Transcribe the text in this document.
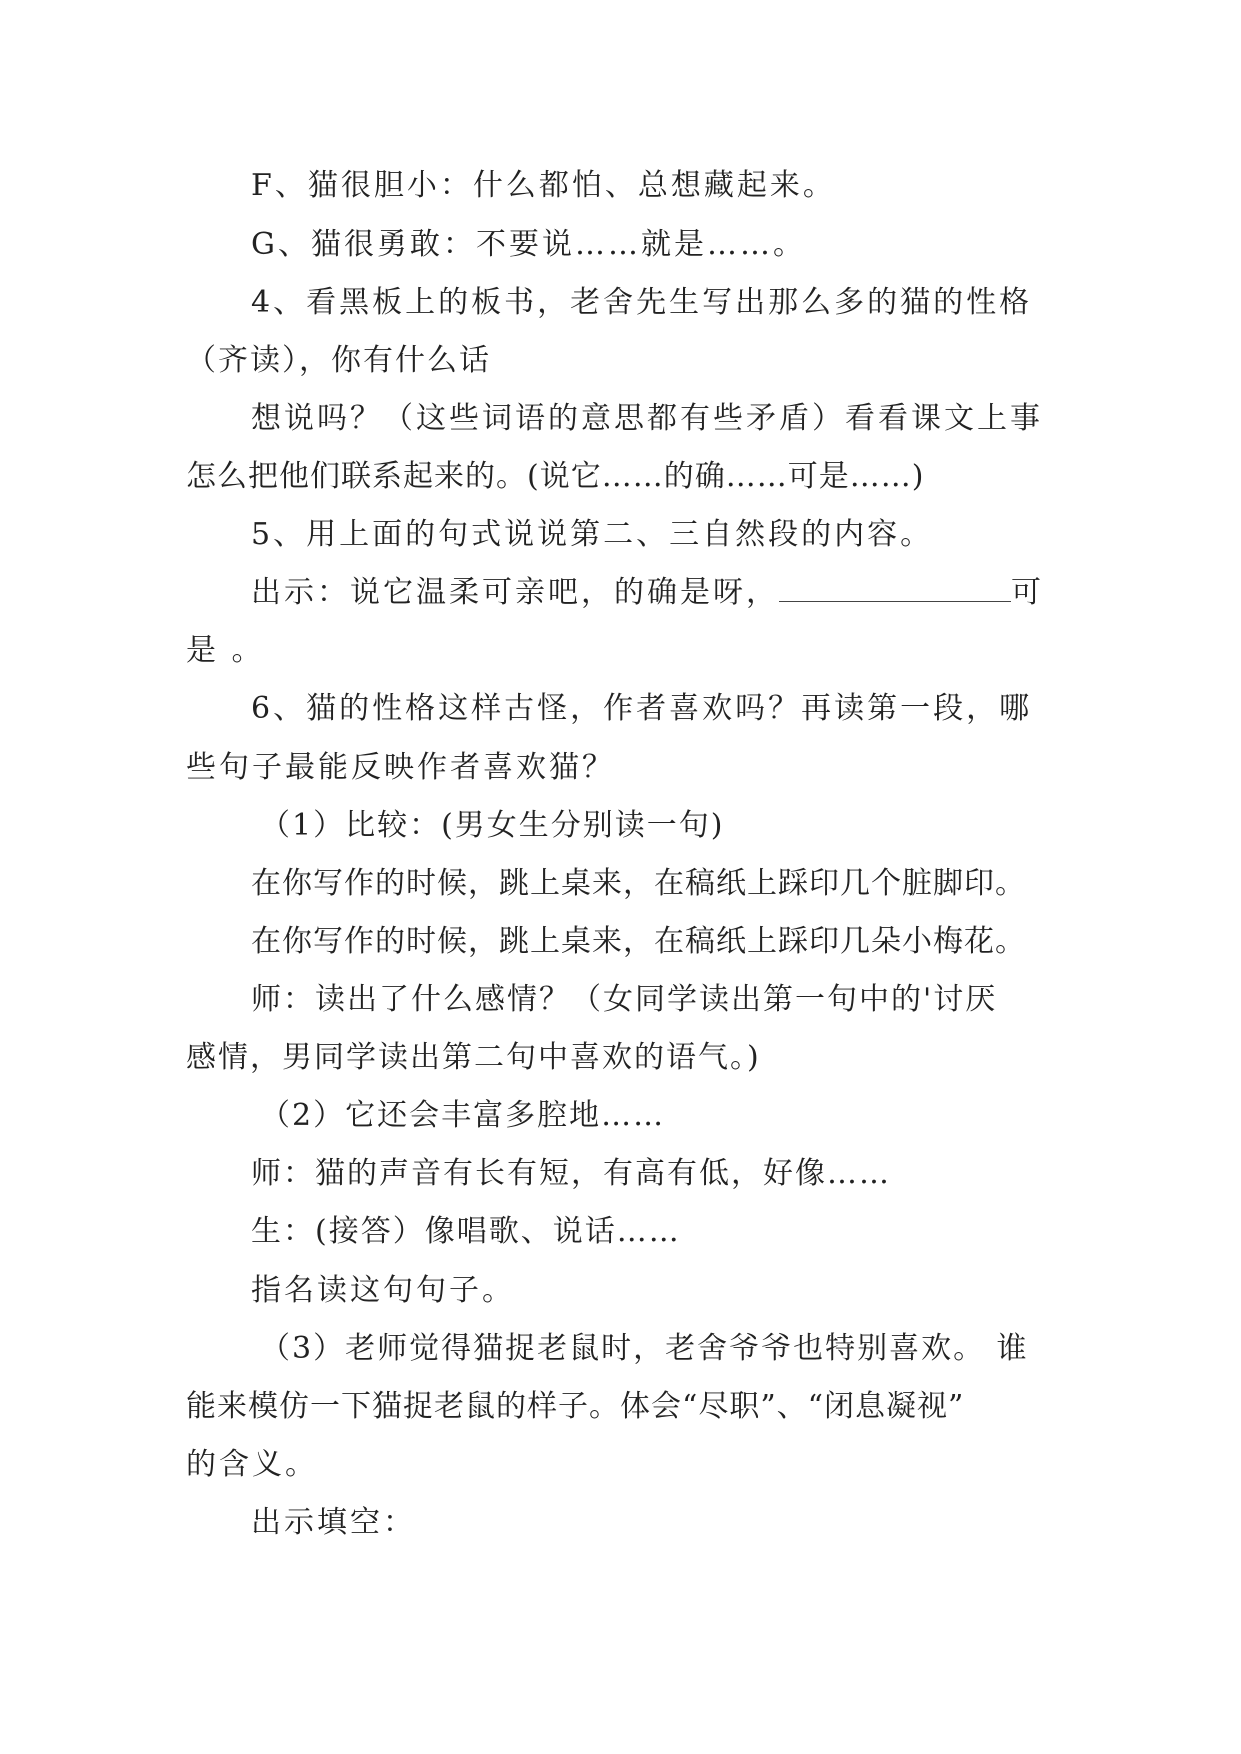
F、猫很胆小：什么都怕、总想藏起来。

G、猫很勇敢：不要说……就是……。

4、看黑板上的板书，老舍先生写出那么多的猫的性格

（齐读），你有什么话

想说吗？（这些词语的意思都有些矛盾）看看课文上事

怎么把他们联系起来的。(说它……的确……可是……)

5、用上面的句式说说第二、三自然段的内容。

出示：说它温柔可亲吧，的确是呀，	可

是 。

6、猫的性格这样古怪，作者喜欢吗？再读第一段，哪

些句子最能反映作者喜欢猫？

（1）比较：(男女生分别读一句)

在你写作的时候，跳上桌来，在稿纸上踩印几个脏脚印。

在你写作的时候，跳上桌来，在稿纸上踩印几朵小梅花。

师：读出了什么感情？（女同学读出第一句中的'讨厌

感情，男同学读出第二句中喜欢的语气。)

（2）它还会丰富多腔地……

师：猫的声音有长有短，有高有低，好像……

生：(接答）像唱歌、说话……

指名读这句句子。

（3）老师觉得猫捉老鼠时，老舍爷爷也特别喜欢。 谁

能来模仿一下猫捉老鼠的样子。体会“尽职”、“闭息凝视”

的含义。

出示填空：
